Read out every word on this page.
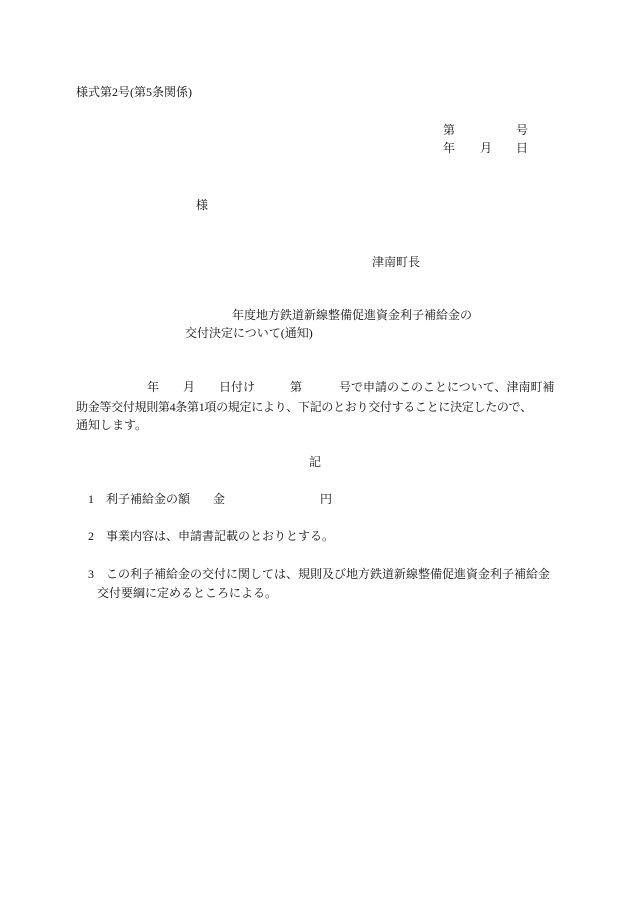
様式第2号(第5条関係)
第	号
年 月 日
様
津南町長
年度地方鉄道新線整備促進資金利子補給金の
交付決定について(通知)
年 月 日付け	第	号で申請のこのことについて、津南町補
助金等交付規則第4条第1項の規定により、下記のとおり交付することに決定したので、
通知します。
記
1 利子補給金の額 金	円
2 事業内容は、申請書記載のとおりとする。
3 この利子補給金の交付に関しては、規則及び地方鉄道新線整備促進資金利子補給金
交付要綱に定めるところによる。
